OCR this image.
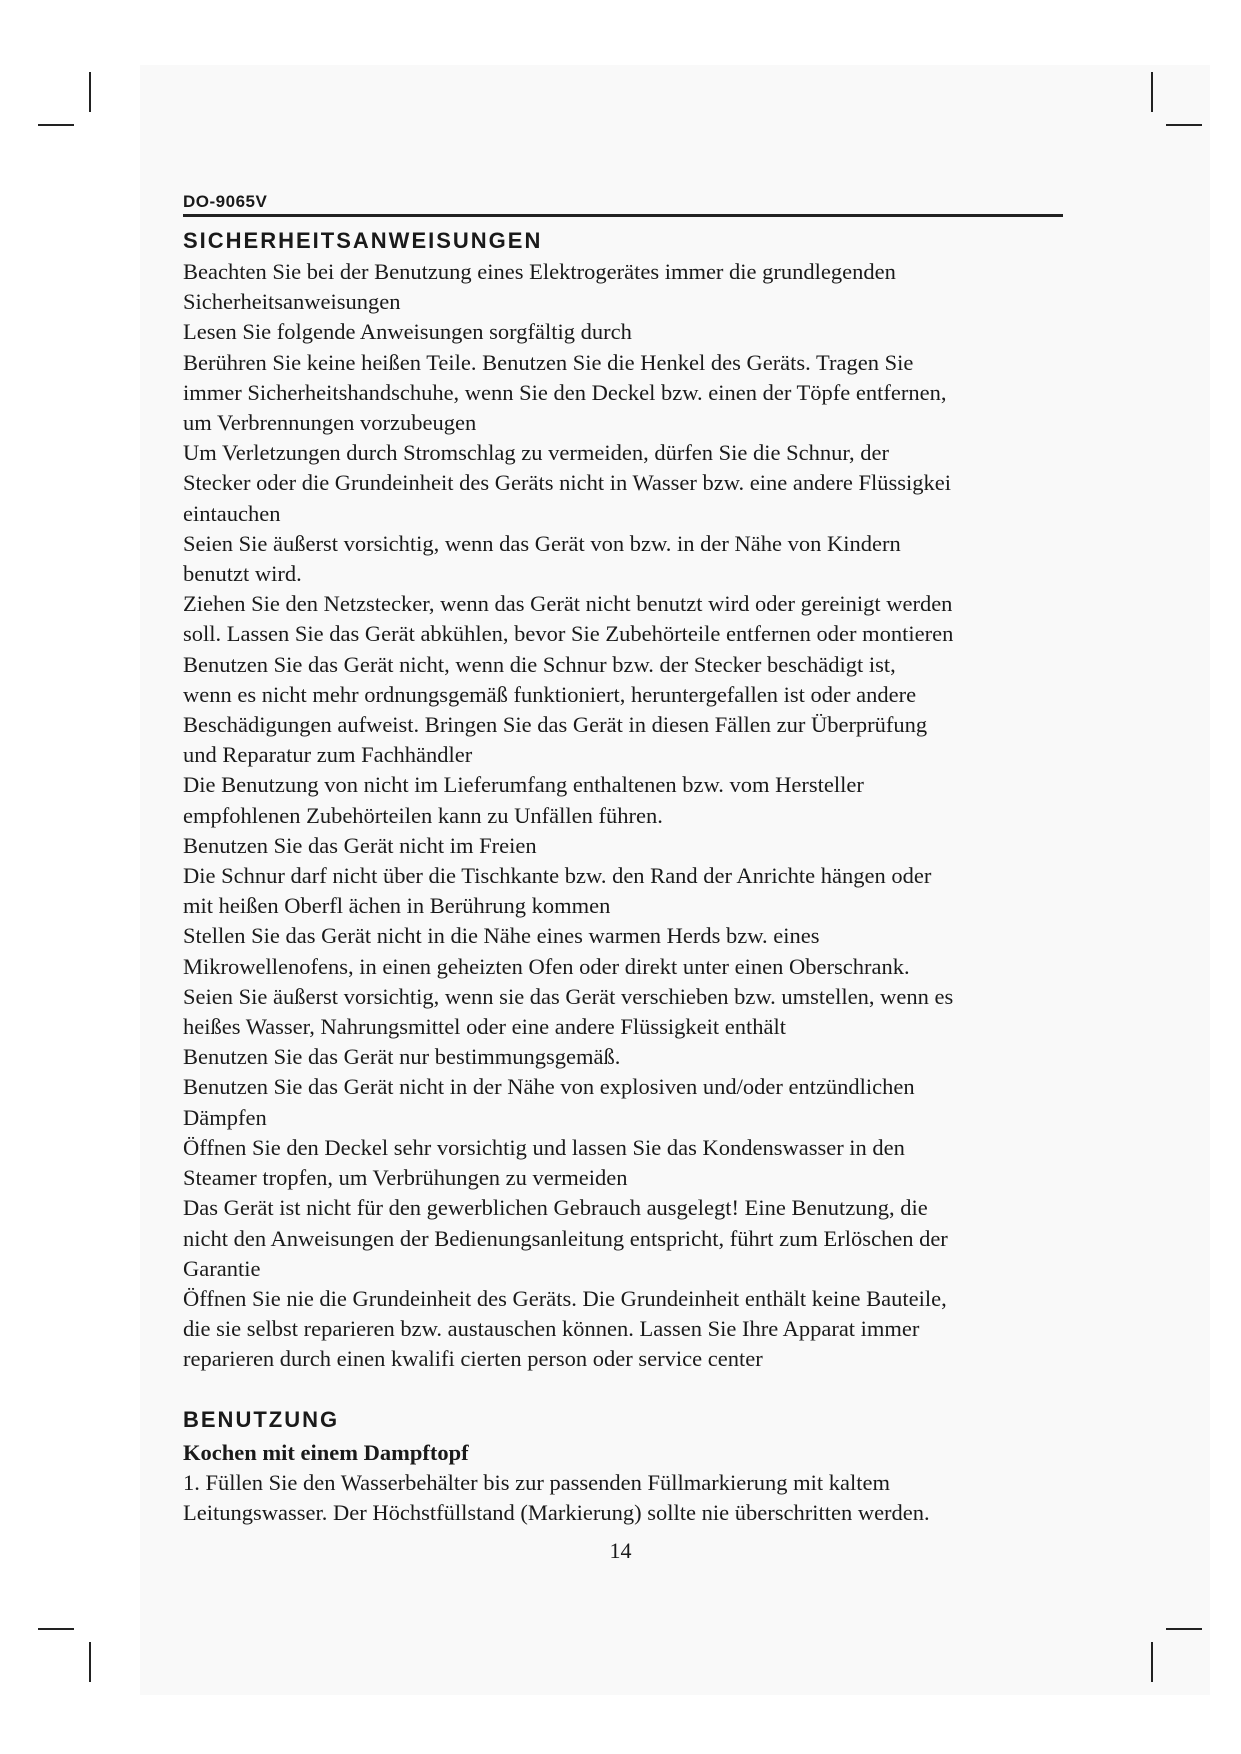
DO-9065V
SICHERHEITSANWEISUNGEN
Beachten Sie bei der Benutzung eines Elektrogerätes immer die grundlegenden
Sicherheitsanweisungen
Lesen Sie folgende Anweisungen sorgfältig durch
Berühren Sie keine heißen Teile. Benutzen Sie die Henkel des Geräts. Tragen Sie
immer Sicherheitshandschuhe, wenn Sie den Deckel bzw. einen der Töpfe entfernen,
um Verbrennungen vorzubeugen
Um Verletzungen durch Stromschlag zu vermeiden, dürfen Sie die Schnur, der
Stecker oder die Grundeinheit des Geräts nicht in Wasser bzw. eine andere Flüssigkei
eintauchen
Seien Sie äußerst vorsichtig, wenn das Gerät von bzw. in der Nähe von Kindern
benutzt wird.
Ziehen Sie den Netzstecker, wenn das Gerät nicht benutzt wird oder gereinigt werden
soll. Lassen Sie das Gerät abkühlen, bevor Sie Zubehörteile entfernen oder montieren
Benutzen Sie das Gerät nicht, wenn die Schnur bzw. der Stecker beschädigt ist,
wenn es nicht mehr ordnungsgemäß funktioniert, heruntergefallen ist oder andere
Beschädigungen aufweist. Bringen Sie das Gerät in diesen Fällen zur Überprüfung
und Reparatur zum Fachhändler
Die Benutzung von nicht im Lieferumfang enthaltenen bzw. vom Hersteller
empfohlenen Zubehörteilen kann zu Unfällen führen.
Benutzen Sie das Gerät nicht im Freien
Die Schnur darf nicht über die Tischkante bzw. den Rand der Anrichte hängen oder
mit heißen Oberfl ächen in Berührung kommen
Stellen Sie das Gerät nicht in die Nähe eines warmen Herds bzw. eines
Mikrowellenofens, in einen geheizten Ofen oder direkt unter einen Oberschrank.
Seien Sie äußerst vorsichtig, wenn sie das Gerät verschieben bzw. umstellen, wenn es
heißes Wasser, Nahrungsmittel oder eine andere Flüssigkeit enthält
Benutzen Sie das Gerät nur bestimmungsgemäß.
Benutzen Sie das Gerät nicht in der Nähe von explosiven und/oder entzündlichen
Dämpfen
Öffnen Sie den Deckel sehr vorsichtig und lassen Sie das Kondenswasser in den
Steamer tropfen, um Verbrühungen zu vermeiden
Das Gerät ist nicht für den gewerblichen Gebrauch ausgelegt! Eine Benutzung, die
nicht den Anweisungen der Bedienungsanleitung entspricht, führt zum Erlöschen der
Garantie
Öffnen Sie nie die Grundeinheit des Geräts. Die Grundeinheit enthält keine Bauteile,
die sie selbst reparieren bzw. austauschen können. Lassen Sie Ihre Apparat immer
reparieren durch einen kwalifi cierten person oder service center
BENUTZUNG
Kochen mit einem Dampftopf
1. Füllen Sie den Wasserbehälter bis zur passenden Füllmarkierung mit kaltem
Leitungswasser. Der Höchstfüllstand (Markierung) sollte nie überschritten werden.
14
